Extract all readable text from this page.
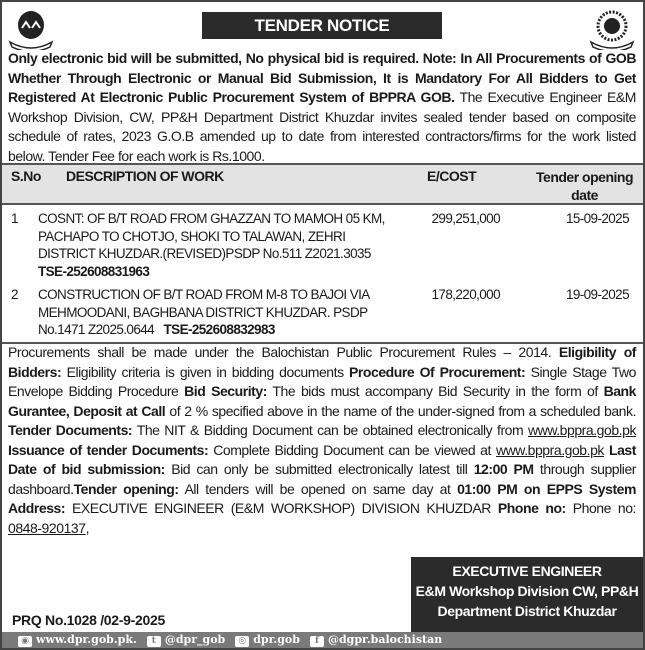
TENDER NOTICE

Only electronic bid will be submitted, No physical bid is required. Note: In All Procurements of GOB Whether Through Electronic or Manual Bid Submission, It is Mandatory For All Bidders to Get Registered At Electronic Public Procurement System of BPPRA GOB. The Executive Engineer E&M Workshop Division, CW, PP&H Department District Khuzdar invites sealed tender based on composite schedule of rates, 2023 G.O.B amended up to date from interested contractors/firms for the work listed below. Tender Fee for each work is Rs.1000.

S.No DESCRIPTION OF WORK	E/COST	Tender opening
date
1 COSNT: OF B/T ROAD FROM GHAZZAN TO MAMOH 05 KM, PACHAPO TO CHOTJO, SHOKI TO TALAWAN, ZEHRI DISTRICT KHUZDAR.(REVISED)PSDP No.511 Z2021.3035 TSE-252608831963
299,251,000	15-09-2025
2 CONSTRUCTION OF B/T ROAD FROM M-8 TO BAJOI VIA MEHMOODANI, BAGHBANA DISTRICT KHUZDAR. PSDP No.1471 Z2025.0644   TSE-252608832983
178,220,000	19-09-2025

Procurements shall be made under the Balochistan Public Procurement Rules – 2014. Eligibility of Bidders: Eligibility criteria is given in bidding documents Procedure Of Procurement: Single Stage Two Envelope Bidding Procedure Bid Security: The bids must accompany Bid Security in the form of Bank Gurantee, Deposit at Call of 2 % specified above in the name of the under-signed from a scheduled bank. Tender Documents: The NIT & Bidding Document can be obtained electronically from www.bppra.gob.pk Issuance of tender Documents: Complete Bidding Document can be viewed at www.bppra.gob.pk Last Date of bid submission: Bid can only be submitted electronically latest till 12:00 PM through supplier dashboard.Tender opening: All tenders will be opened on same day at 01:00 PM on EPPS System Address: EXECUTIVE ENGINEER (E&M WORKSHOP) DIVISION KHUZDAR Phone no: Phone no: 0848-920137,

EXECUTIVE ENGINEER
E&M Workshop Division CW, PP&H
Department District Khuzdar
PRQ No.1028 /02-9-2025
◉ www.dpr.gob.pk.	t @dpr_gob	◎ dpr.gob	f @dgpr.balochistan
